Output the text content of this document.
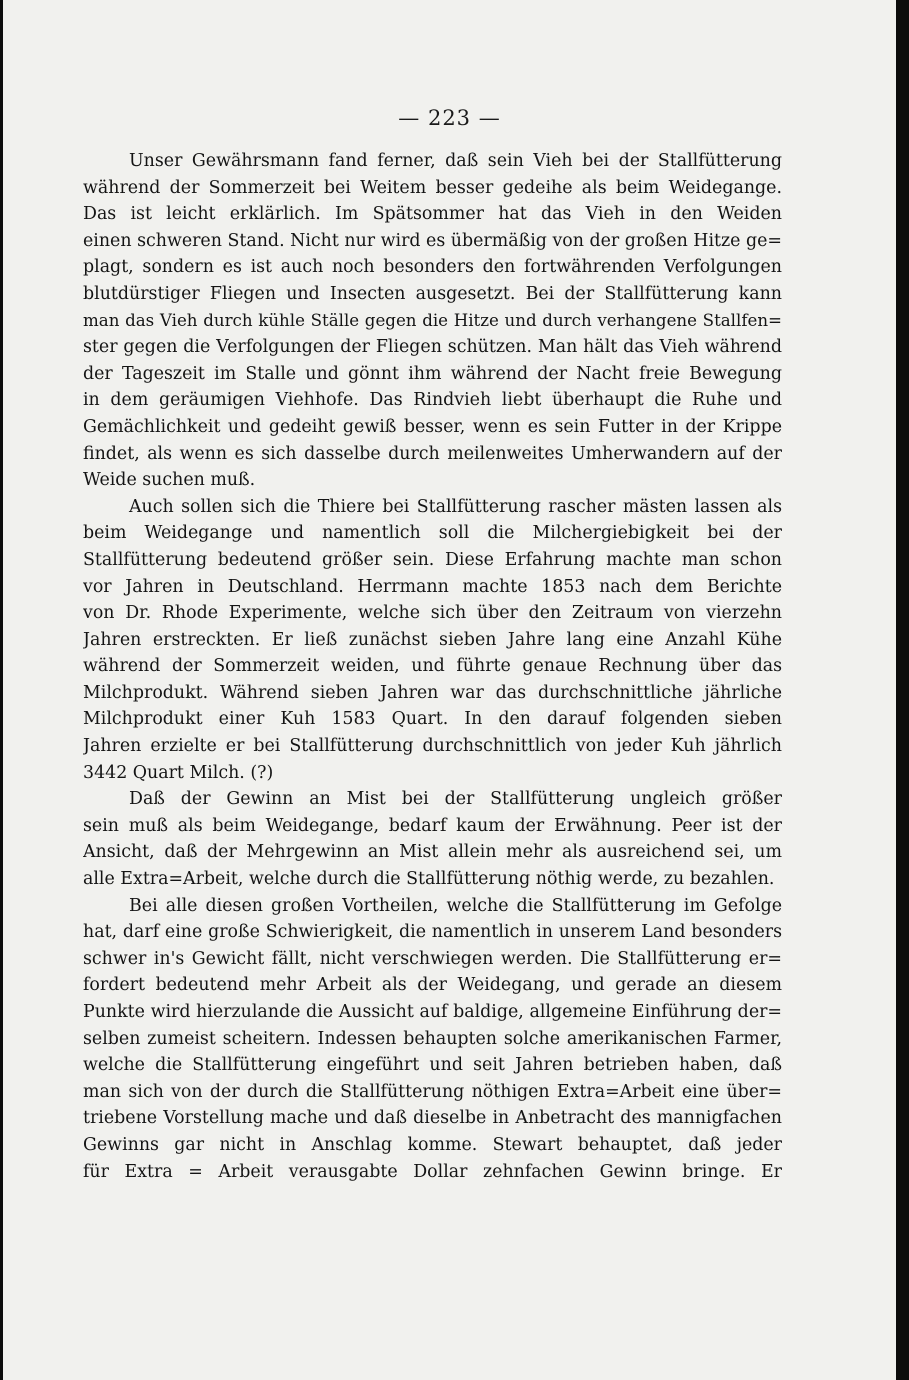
— 223 —

Unser Gewährsmann fand ferner, daß sein Vieh bei der Stallfütterung
während der Sommerzeit bei Weitem besser gedeihe als beim Weidegange.
Das ist leicht erklärlich. Im Spätsommer hat das Vieh in den Weiden
einen schweren Stand. Nicht nur wird es übermäßig von der großen Hitze ge=
plagt, sondern es ist auch noch besonders den fortwährenden Verfolgungen
blutdürstiger Fliegen und Insecten ausgesetzt. Bei der Stallfütterung kann
man das Vieh durch kühle Ställe gegen die Hitze und durch verhangene Stallfen=
ster gegen die Verfolgungen der Fliegen schützen. Man hält das Vieh während
der Tageszeit im Stalle und gönnt ihm während der Nacht freie Bewegung
in dem geräumigen Viehhofe. Das Rindvieh liebt überhaupt die Ruhe und
Gemächlichkeit und gedeiht gewiß besser, wenn es sein Futter in der Krippe
findet, als wenn es sich dasselbe durch meilenweites Umherwandern auf der
Weide suchen muß.

Auch sollen sich die Thiere bei Stallfütterung rascher mästen lassen als
beim Weidegange und namentlich soll die Milchergiebigkeit bei der
Stallfütterung bedeutend größer sein. Diese Erfahrung machte man schon
vor Jahren in Deutschland. Herrmann machte 1853 nach dem Berichte
von Dr. Rhode Experimente, welche sich über den Zeitraum von vierzehn
Jahren erstreckten. Er ließ zunächst sieben Jahre lang eine Anzahl Kühe
während der Sommerzeit weiden, und führte genaue Rechnung über das
Milchprodukt. Während sieben Jahren war das durchschnittliche jährliche
Milchprodukt einer Kuh 1583 Quart. In den darauf folgenden sieben
Jahren erzielte er bei Stallfütterung durchschnittlich von jeder Kuh jährlich
3442 Quart Milch. (?)

Daß der Gewinn an Mist bei der Stallfütterung ungleich größer
sein muß als beim Weidegange, bedarf kaum der Erwähnung. Peer ist der
Ansicht, daß der Mehrgewinn an Mist allein mehr als ausreichend sei, um
alle Extra=Arbeit, welche durch die Stallfütterung nöthig werde, zu bezahlen.

Bei alle diesen großen Vortheilen, welche die Stallfütterung im Gefolge
hat, darf eine große Schwierigkeit, die namentlich in unserem Land besonders
schwer in's Gewicht fällt, nicht verschwiegen werden. Die Stallfütterung er=
fordert bedeutend mehr Arbeit als der Weidegang, und gerade an diesem
Punkte wird hierzulande die Aussicht auf baldige, allgemeine Einführung der=
selben zumeist scheitern. Indessen behaupten solche amerikanischen Farmer,
welche die Stallfütterung eingeführt und seit Jahren betrieben haben, daß
man sich von der durch die Stallfütterung nöthigen Extra=Arbeit eine über=
triebene Vorstellung mache und daß dieselbe in Anbetracht des mannigfachen
Gewinns gar nicht in Anschlag komme. Stewart behauptet, daß jeder
für Extra = Arbeit verausgabte Dollar zehnfachen Gewinn bringe. Er
